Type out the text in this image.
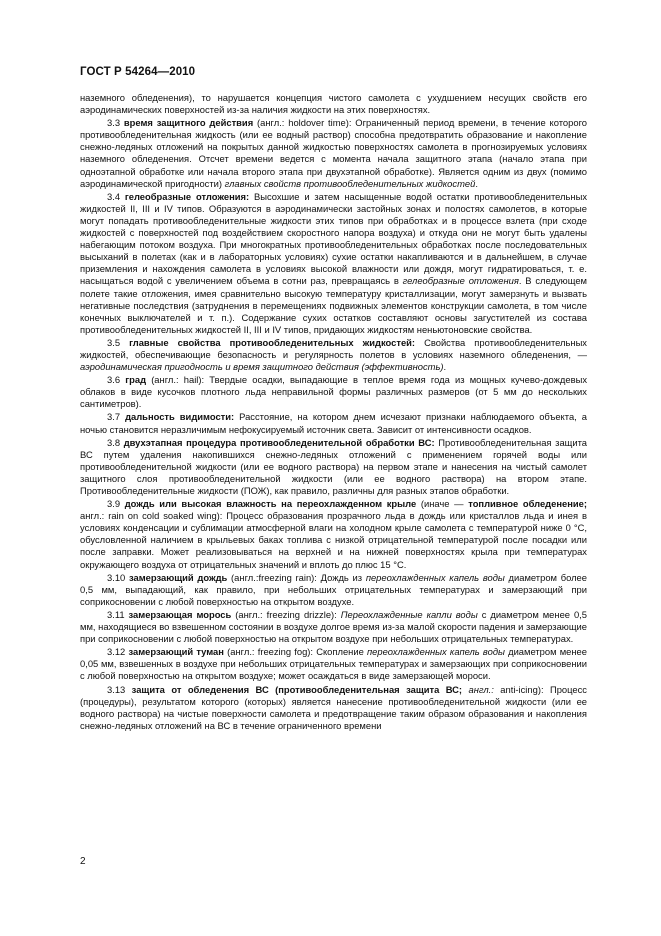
ГОСТ Р 54264—2010

наземного обледенения), то нарушается концепция чистого самолета с ухудшением несущих свойств его аэродинамических поверхностей из-за наличия жидкости на этих поверхностях.

3.3 время защитного действия (англ.: holdover time): Ограниченный период времени, в течение которого противообледенительная жидкость (или ее водный раствор) способна предотвратить образование и накопление снежно-ледяных отложений на покрытых данной жидкостью поверхностях самолета в прогнозируемых условиях наземного обледенения. Отсчет времени ведется с момента начала защитного этапа (начало этапа при одноэтапной обработке или начала второго этапа при двухэтапной обработке). Является одним из двух (помимо аэродинамической пригодности) главных свойств противообледенительных жидкостей.

3.4 гелеобразные отложения: Высохшие и затем насыщенные водой остатки противообледенительных жидкостей II, III и IV типов. Образуются в аэродинамически застойных зонах и полостях самолетов, в которые могут попадать противообледенительные жидкости этих типов при обработках и в процессе взлета (при сходе жидкостей с поверхностей под воздействием скоростного напора воздуха) и откуда они не могут быть удалены набегающим потоком воздуха. При многократных противообледенительных обработках после последовательных высыханий в полетах (как и в лабораторных условиях) сухие остатки накапливаются и в дальнейшем, в случае приземления и нахождения самолета в условиях высокой влажности или дождя, могут гидратироваться, т. е. насыщаться водой с увеличением объема в сотни раз, превращаясь в гелеобразные отложения. В следующем полете такие отложения, имея сравнительно высокую температуру кристаллизации, могут замерзнуть и вызвать негативные последствия (затруднения в перемещениях подвижных элементов конструкции самолета, в том числе конечных выключателей и т. п.). Содержание сухих остатков составляют основы загустителей из состава противообледенительных жидкостей II, III и IV типов, придающих жидкостям неньютоновские свойства.

3.5 главные свойства противообледенительных жидкостей: Свойства противообледенительных жидкостей, обеспечивающие безопасность и регулярность полетов в условиях наземного обледенения, — аэродинамическая пригодность и время защитного действия (эффективность).

3.6 град (англ.: hail): Твердые осадки, выпадающие в теплое время года из мощных кучево-дождевых облаков в виде кусочков плотного льда неправильной формы различных размеров (от 5 мм до нескольких сантиметров).

3.7 дальность видимости: Расстояние, на котором днем исчезают признаки наблюдаемого объекта, а ночью становится неразличимым нефокусируемый источник света. Зависит от интенсивности осадков.

3.8 двухэтапная процедура противообледенительной обработки ВС: Противообледенительная защита ВС путем удаления накопившихся снежно-ледяных отложений с применением горячей воды или противообледенительной жидкости (или ее водного раствора) на первом этапе и нанесения на чистый самолет защитного слоя противообледенительной жидкости (или ее водного раствора) на втором этапе. Противообледенительные жидкости (ПОЖ), как правило, различны для разных этапов обработки.

3.9 дождь или высокая влажность на переохлажденном крыле (иначе — топливное обледенение; англ.: rain on cold soaked wing): Процесс образования прозрачного льда в дождь или кристаллов льда и инея в условиях конденсации и сублимации атмосферной влаги на холодном крыле самолета с температурой ниже 0 °С, обусловленной наличием в крыльевых баках топлива с низкой отрицательной температурой после посадки или после заправки. Может реализовываться на верхней и на нижней поверхностях крыла при температурах окружающего воздуха от отрицательных значений и вплоть до плюс 15 °С.

3.10 замерзающий дождь (англ.:freezing rain): Дождь из переохлажденных капель воды диаметром более 0,5 мм, выпадающий, как правило, при небольших отрицательных температурах и замерзающий при соприкосновении с любой поверхностью на открытом воздухе.

3.11 замерзающая морось (англ.: freezing drizzle): Переохлажденные капли воды с диаметром менее 0,5 мм, находящиеся во взвешенном состоянии в воздухе долгое время из-за малой скорости падения и замерзающие при соприкосновении с любой поверхностью на открытом воздухе при небольших отрицательных температурах.

3.12 замерзающий туман (англ.: freezing fog): Скопление переохлажденных капель воды диаметром менее 0,05 мм, взвешенных в воздухе при небольших отрицательных температурах и замерзающих при соприкосновении с любой поверхностью на открытом воздухе; может осаждаться в виде замерзающей мороси.

3.13 защита от обледенения ВС (противообледенительная защита ВС; англ.: anti-icing): Процесс (процедуры), результатом которого (которых) является нанесение противообледенительной жидкости (или ее водного раствора) на чистые поверхности самолета и предотвращение таким образом образования и накопления снежно-ледяных отложений на ВС в течение ограниченного времени

2
